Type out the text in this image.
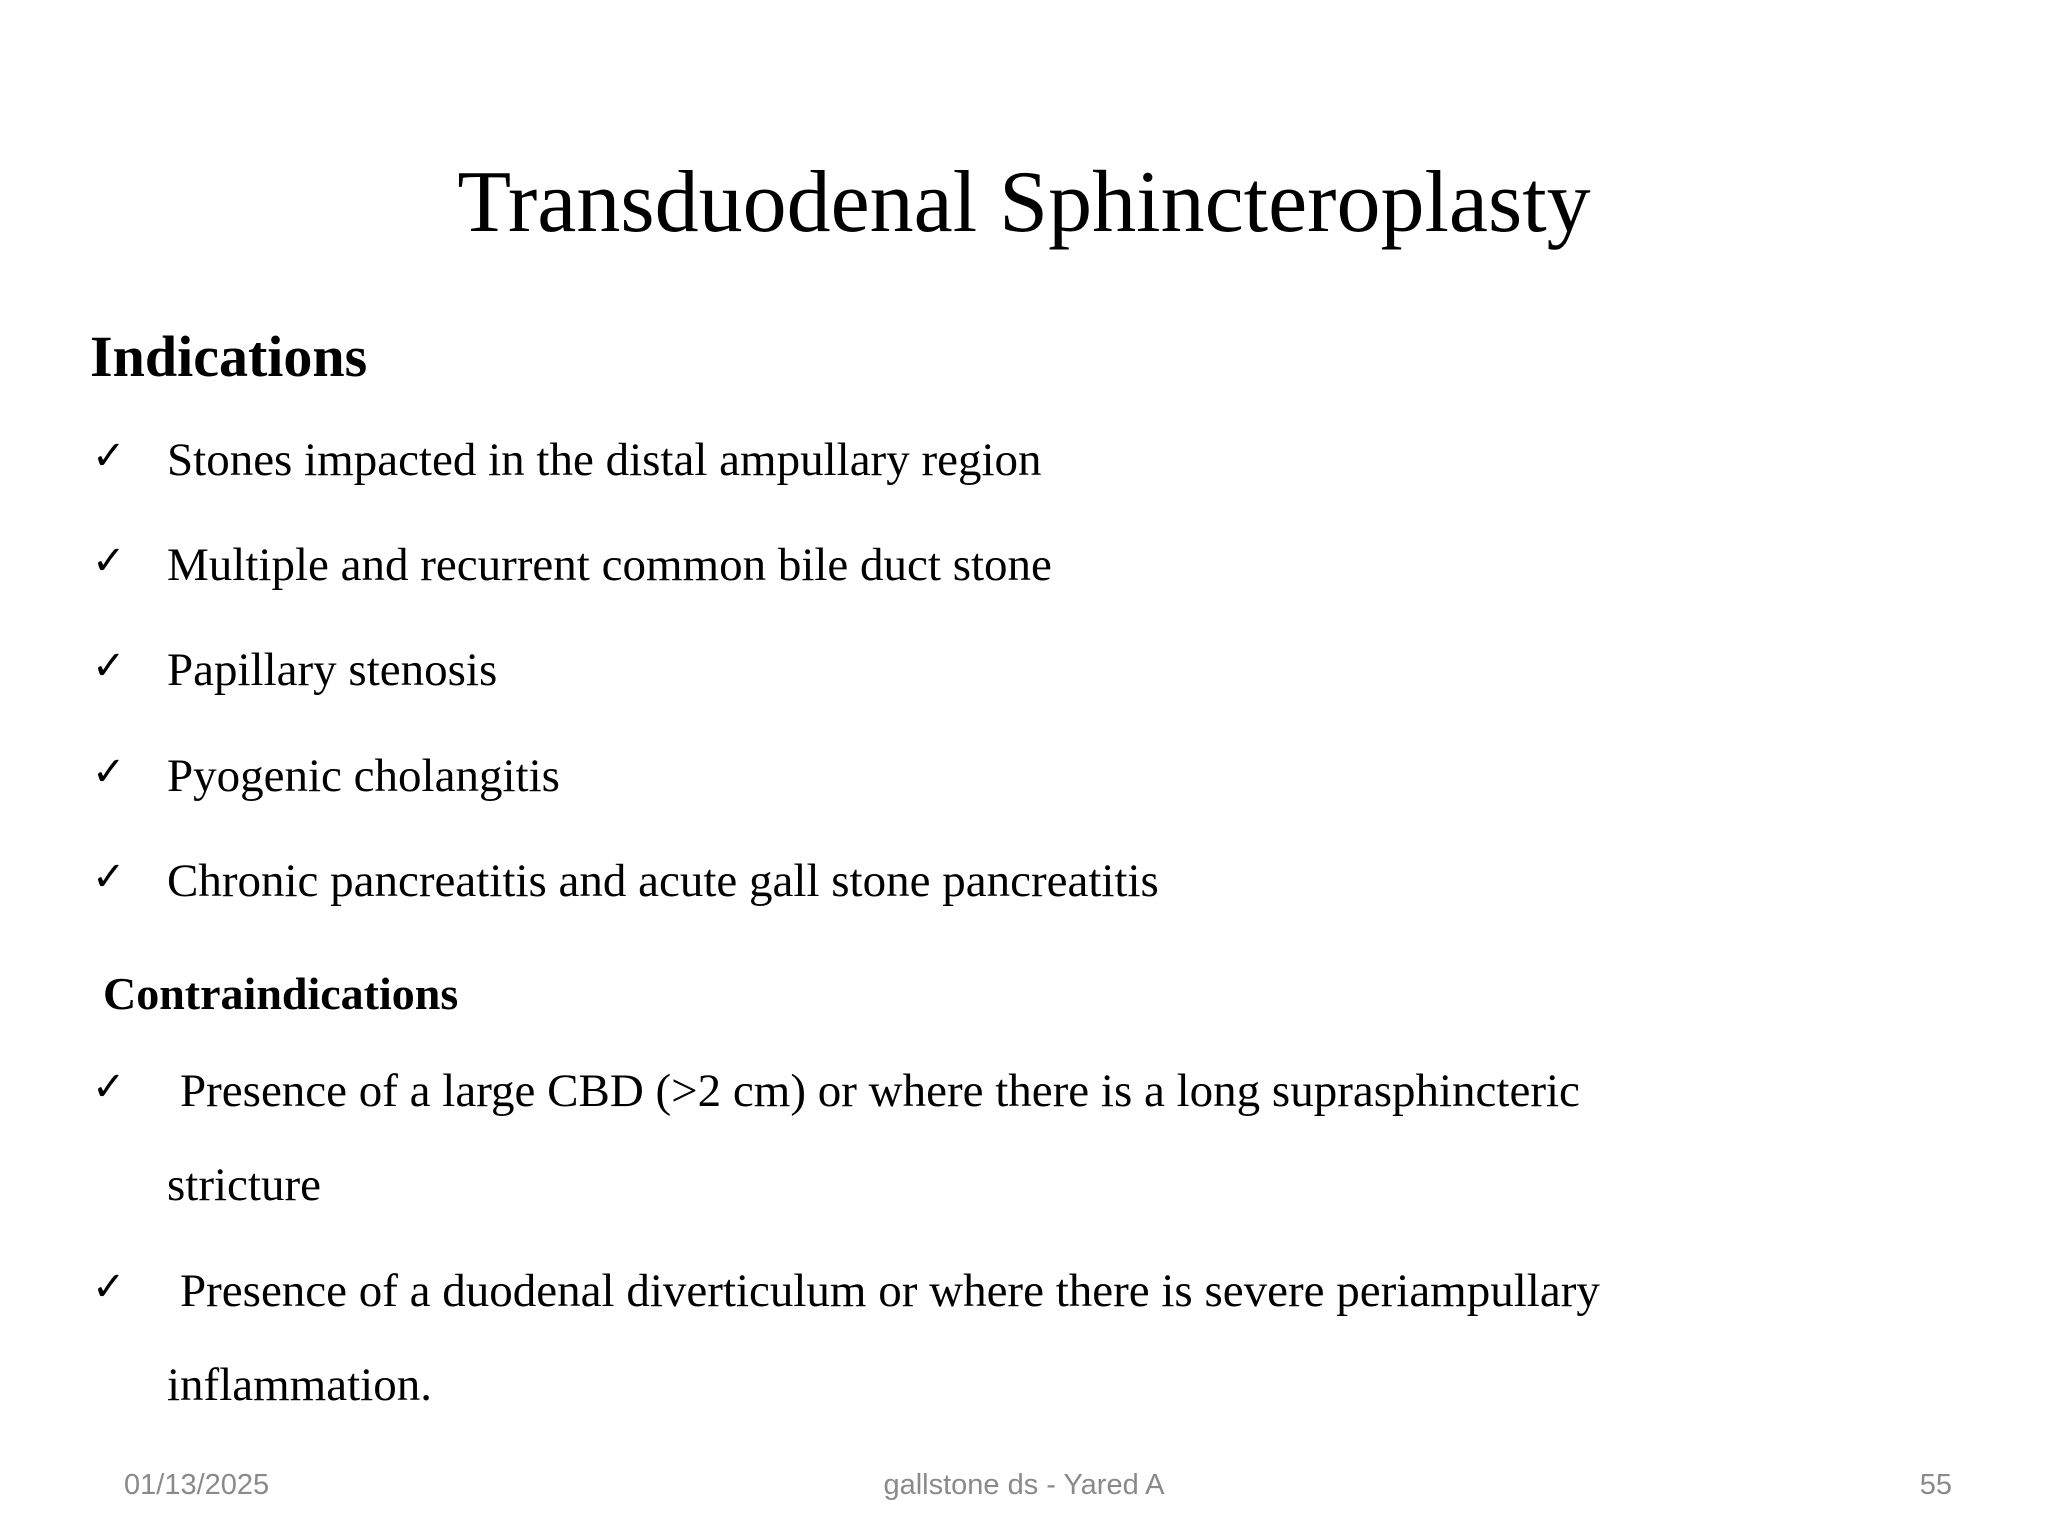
Transduodenal Sphincteroplasty
Indications
✓ Stones impacted in the distal ampullary region
✓ Multiple and recurrent common bile duct stone
✓ Papillary stenosis
✓ Pyogenic cholangitis
✓ Chronic pancreatitis and acute gall stone pancreatitis
Contraindications
✓ Presence of a large CBD (>2 cm) or where there is a long suprasphincteric
stricture
✓ Presence of a duodenal diverticulum or where there is severe periampullary
inflammation.
01/13/2025	gallstone ds - Yared A	55
